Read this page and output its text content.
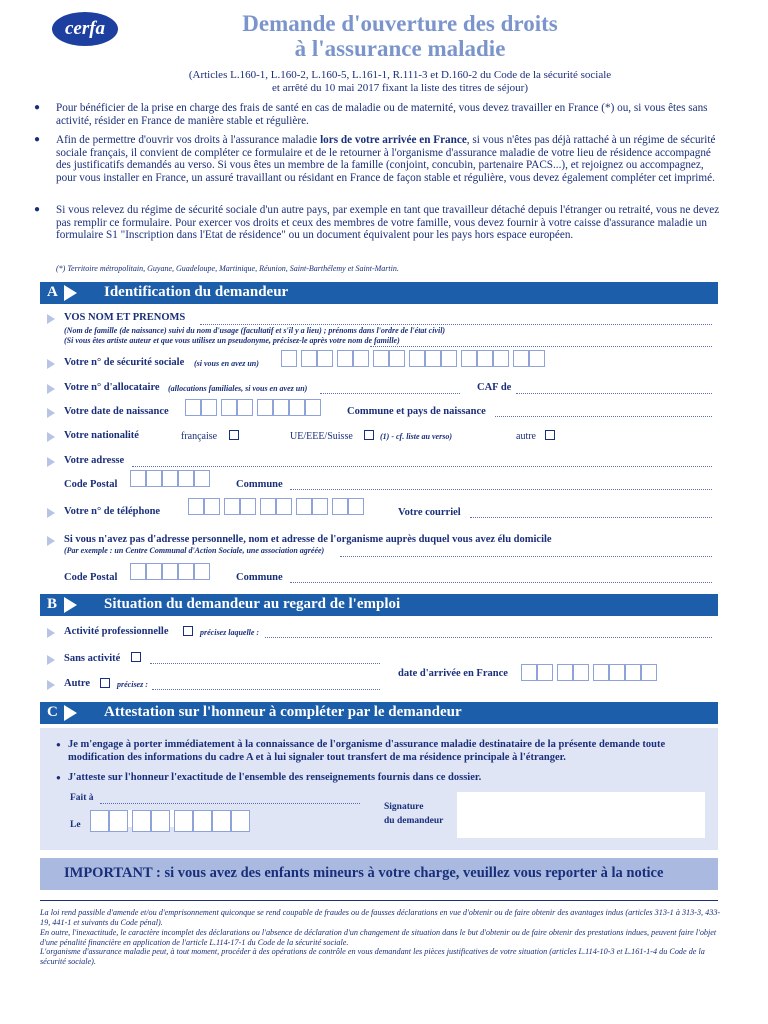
cerfa	Demande d'ouverture des droits
à l'assurance maladie
(Articles L.160-1, L.160-2, L.160-5, L.161-1, R.111-3 et D.160-2 du Code de la sécurité sociale
et arrêté du 10 mai 2017 fixant la liste des titres de séjour)
● Pour bénéficier de la prise en charge des frais de santé en cas de maladie ou de maternité, vous devez travailler en France (*) ou, si vous êtes sans activité, résider en France de manière stable et régulière.
● Afin de permettre d'ouvrir vos droits à l'assurance maladie lors de votre arrivée en France, si vous n'êtes pas déjà rattaché à un régime de sécurité sociale français, il convient de compléter ce formulaire et de le retourner à l'organisme d'assurance maladie de votre lieu de résidence accompagné des justificatifs demandés au verso. Si vous êtes un membre de la famille (conjoint, concubin, partenaire PACS...), et rejoignez ou accompagnez, pour vous installer en France, un assuré travaillant ou résidant en France de façon stable et régulière, vous devez également compléter cet imprimé.
● Si vous relevez du régime de sécurité sociale d'un autre pays, par exemple en tant que travailleur détaché depuis l'étranger ou retraité, vous ne devez pas remplir ce formulaire. Pour exercer vos droits et ceux des membres de votre famille, vous devez fournir à votre caisse d'assurance maladie un formulaire S1 "Inscription dans l'Etat de résidence" ou un document équivalent pour les pays hors espace européen.
(*) Territoire métropolitain, Guyane, Guadeloupe, Martinique, Réunion, Saint-Barthélemy et Saint-Martin.
A	Identification du demandeur
VOS NOM ET PRENOMS
(Nom de famille (de naissance) suivi du nom d'usage (facultatif et s'il y a lieu) ; prénoms dans l'ordre de l'état civil)
(Si vous êtes artiste auteur et que vous utilisez un pseudonyme, précisez-le après votre nom de famille)
Votre n° de sécurité sociale (si vous en avez un)
Votre n° d'allocataire (allocations familiales, si vous en avez un)	CAF de
Votre date de naissance	Commune et pays de naissance
Votre nationalité	française	UE/EEE/Suisse	(1) - cf. liste au verso)	autre
Votre adresse
Code Postal	Commune
Votre n° de téléphone	Votre courriel
Si vous n'avez pas d'adresse personnelle, nom et adresse de l'organisme auprès duquel vous avez élu domicile
(Par exemple : un Centre Communal d'Action Sociale, une association agréée)
Code Postal	Commune
B	Situation du demandeur au regard de l'emploi
Activité professionnelle	précisez laquelle :
Sans activité
date d'arrivée en France
Autre	précisez :
C	Attestation sur l'honneur à compléter par le demandeur
● Je m'engage à porter immédiatement à la connaissance de l'organisme d'assurance maladie destinataire de la présente demande toute modification des informations du cadre A et à lui signaler tout transfert de ma résidence principale à l'étranger.
● J'atteste sur l'honneur l'exactitude de l'ensemble des renseignements fournis dans ce dossier.
Fait à
Le
Signature
du demandeur
IMPORTANT : si vous avez des enfants mineurs à votre charge, veuillez vous reporter à la notice
La loi rend passible d'amende et/ou d'emprisonnement quiconque se rend coupable de fraudes ou de fausses déclarations en vue d'obtenir ou de faire obtenir des avantages indus (articles 313-1 à 313-3, 433-19, 441-1 et suivants du Code pénal).
En outre, l'inexactitude, le caractère incomplet des déclarations ou l'absence de déclaration d'un changement de situation dans le but d'obtenir ou de faire obtenir des prestations indues, peuvent faire l'objet d'une pénalité financière en application de l'article L.114-17-1 du Code de la sécurité sociale.
L'organisme d'assurance maladie peut, à tout moment, procéder à des opérations de contrôle en vous demandant les pièces justificatives de votre situation (articles L.114-10-3 et L.161-1-4 du Code de la sécurité sociale).
